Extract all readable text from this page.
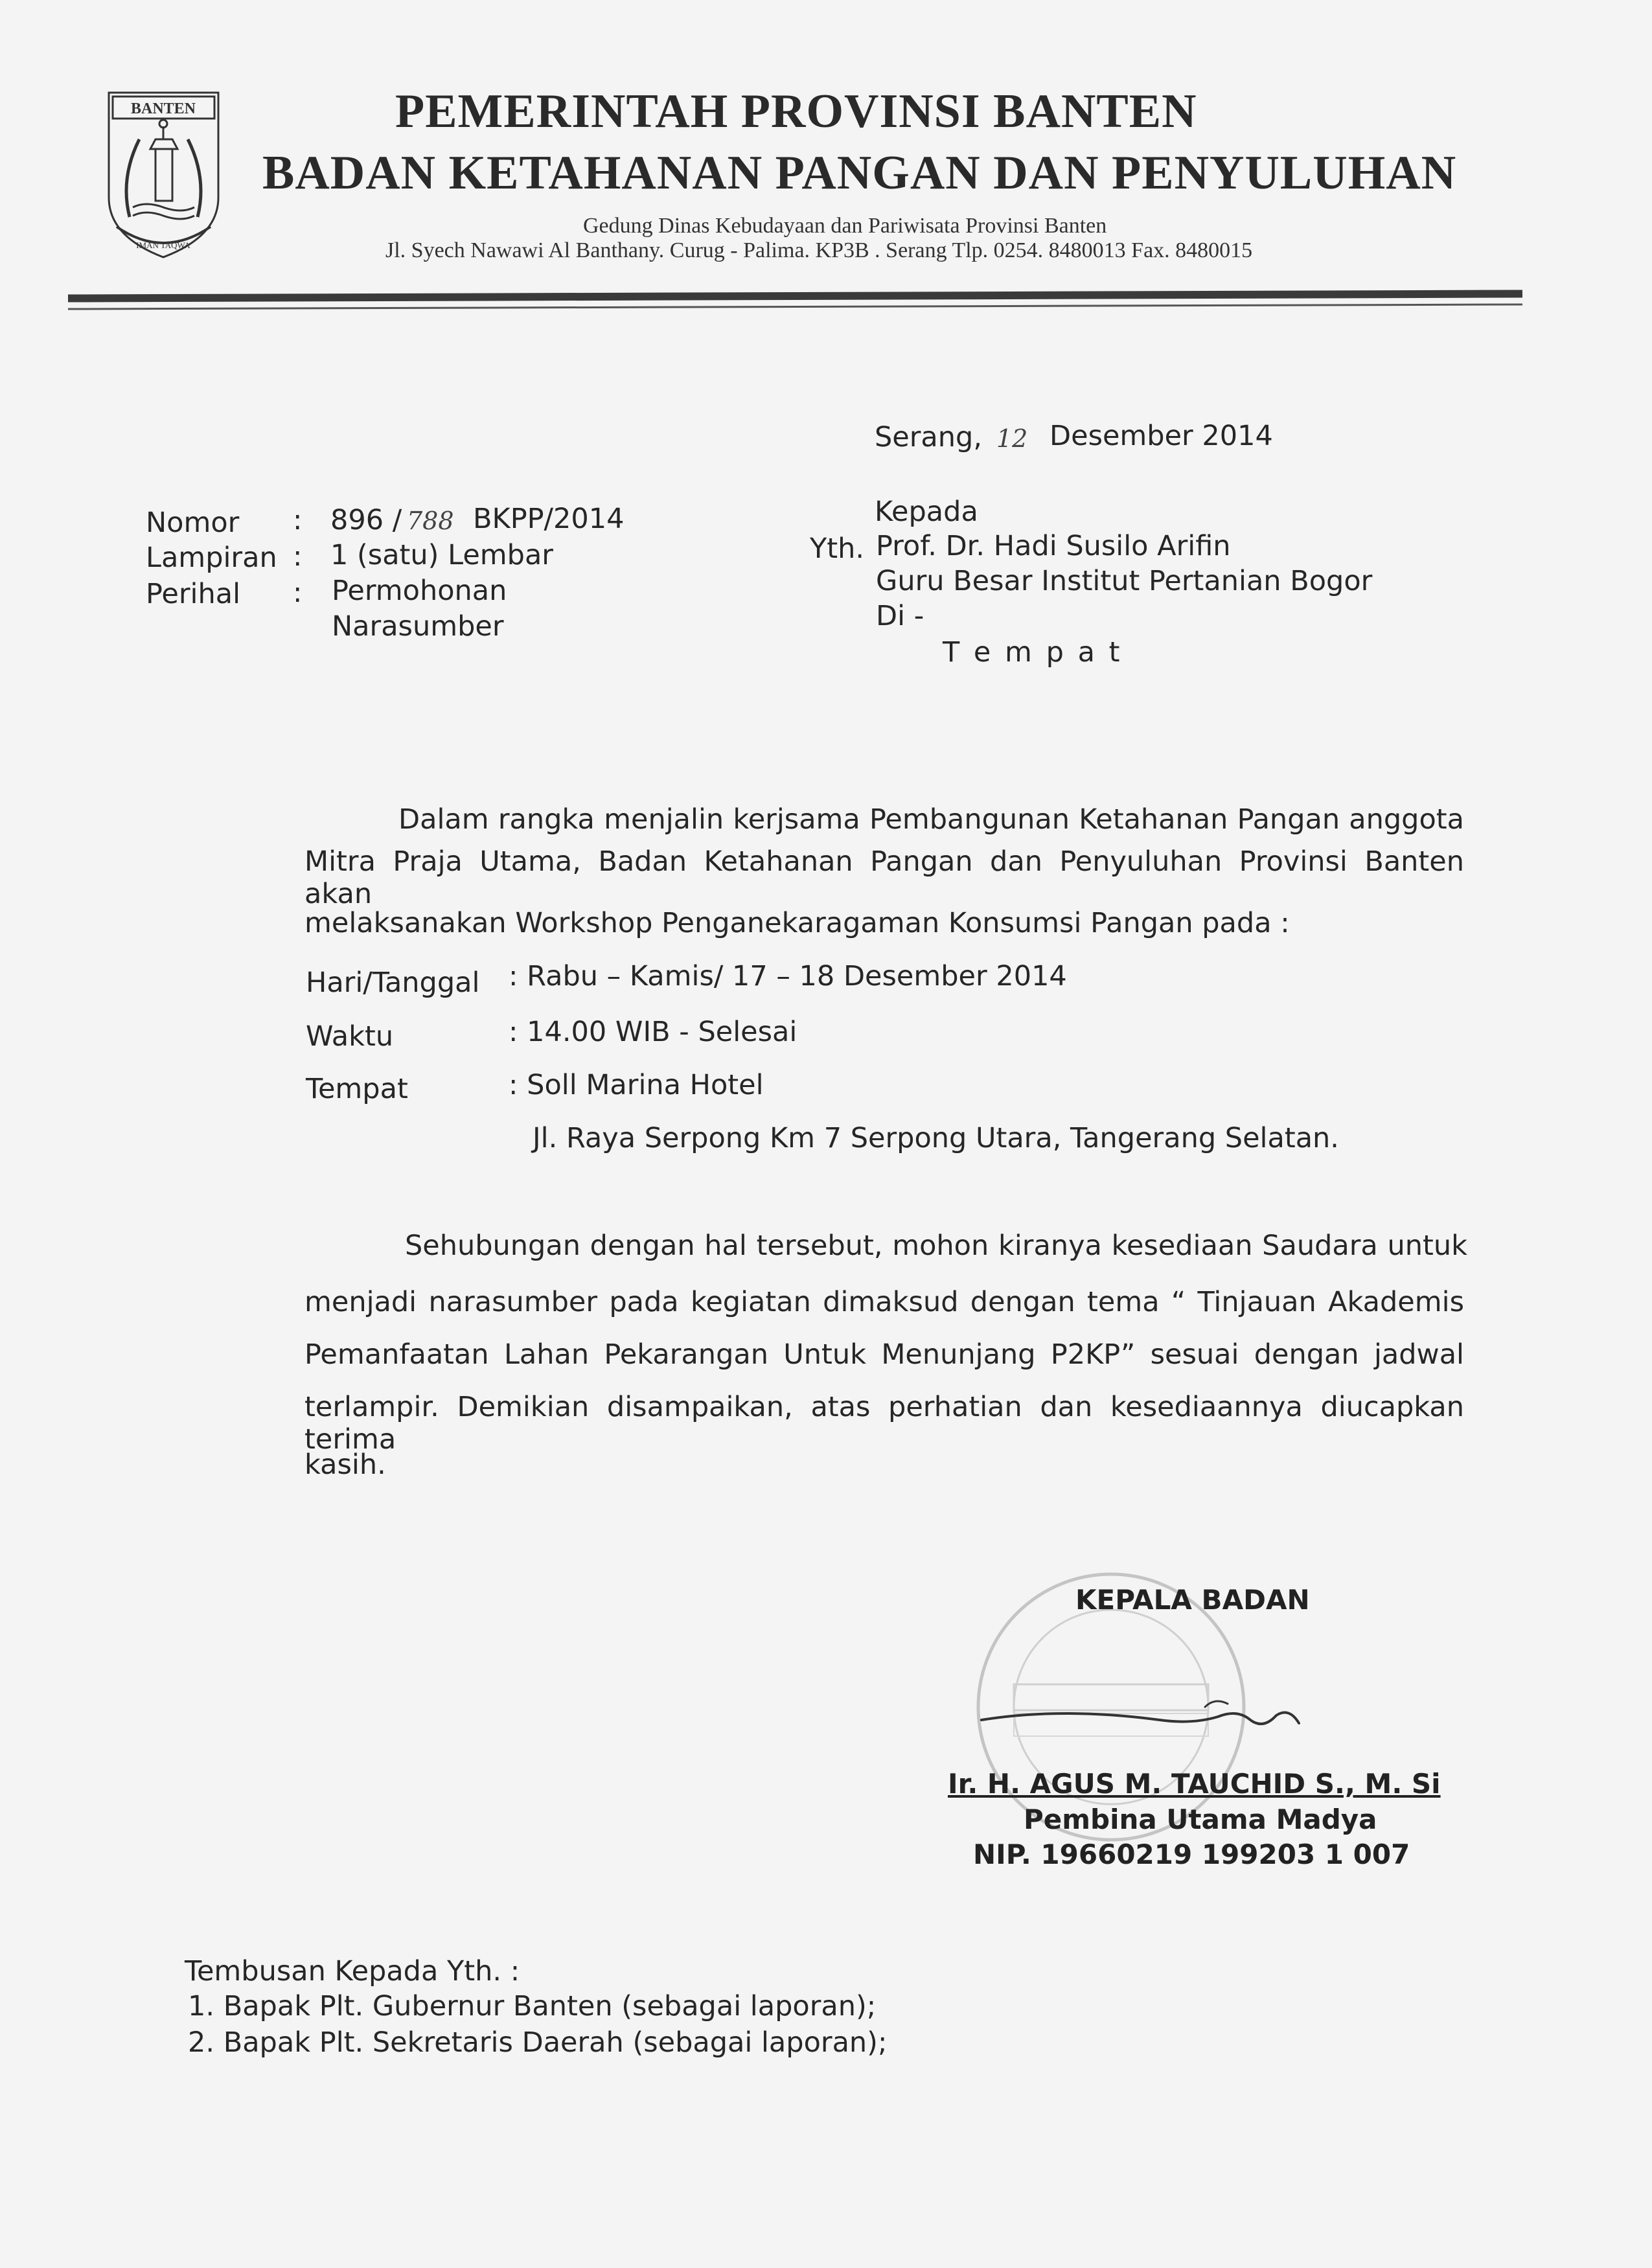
BANTEN
IMAN TAQWA
PEMERINTAH PROVINSI BANTEN
BADAN KETAHANAN PANGAN DAN PENYULUHAN
Gedung Dinas Kebudayaan dan Pariwisata Provinsi Banten
Jl. Syech Nawawi Al Banthany. Curug - Palima. KP3B . Serang Tlp. 0254. 8480013 Fax. 8480015
Serang, 12 Desember 2014
Nomor : 896 / 788 BKPP/2014
Lampiran : 1 (satu) Lembar
Perihal : Permohonan
Narasumber
Kepada
Yth. Prof. Dr. Hadi Susilo Arifin
Guru Besar Institut Pertanian Bogor
Di -
T e m p a t
Dalam rangka menjalin kerjsama Pembangunan Ketahanan Pangan anggota
Mitra Praja Utama, Badan Ketahanan Pangan dan Penyuluhan Provinsi Banten akan
melaksanakan Workshop Penganekaragaman Konsumsi Pangan pada :
Hari/Tanggal : Rabu – Kamis/ 17 – 18 Desember 2014
Waktu	: 14.00 WIB - Selesai
Tempat	: Soll Marina Hotel
Jl. Raya Serpong Km 7 Serpong Utara, Tangerang Selatan.
Sehubungan dengan hal tersebut, mohon kiranya kesediaan Saudara untuk
menjadi narasumber pada kegiatan dimaksud dengan tema “ Tinjauan Akademis
Pemanfaatan Lahan Pekarangan Untuk Menunjang P2KP” sesuai dengan jadwal
terlampir. Demikian disampaikan, atas perhatian dan kesediaannya diucapkan terima
kasih.
KEPALA BADAN
Ir. H. AGUS M. TAUCHID S., M. Si
Pembina Utama Madya
NIP. 19660219 199203 1 007
Tembusan Kepada Yth. :
1. Bapak Plt. Gubernur Banten (sebagai laporan);
2. Bapak Plt. Sekretaris Daerah (sebagai laporan);
